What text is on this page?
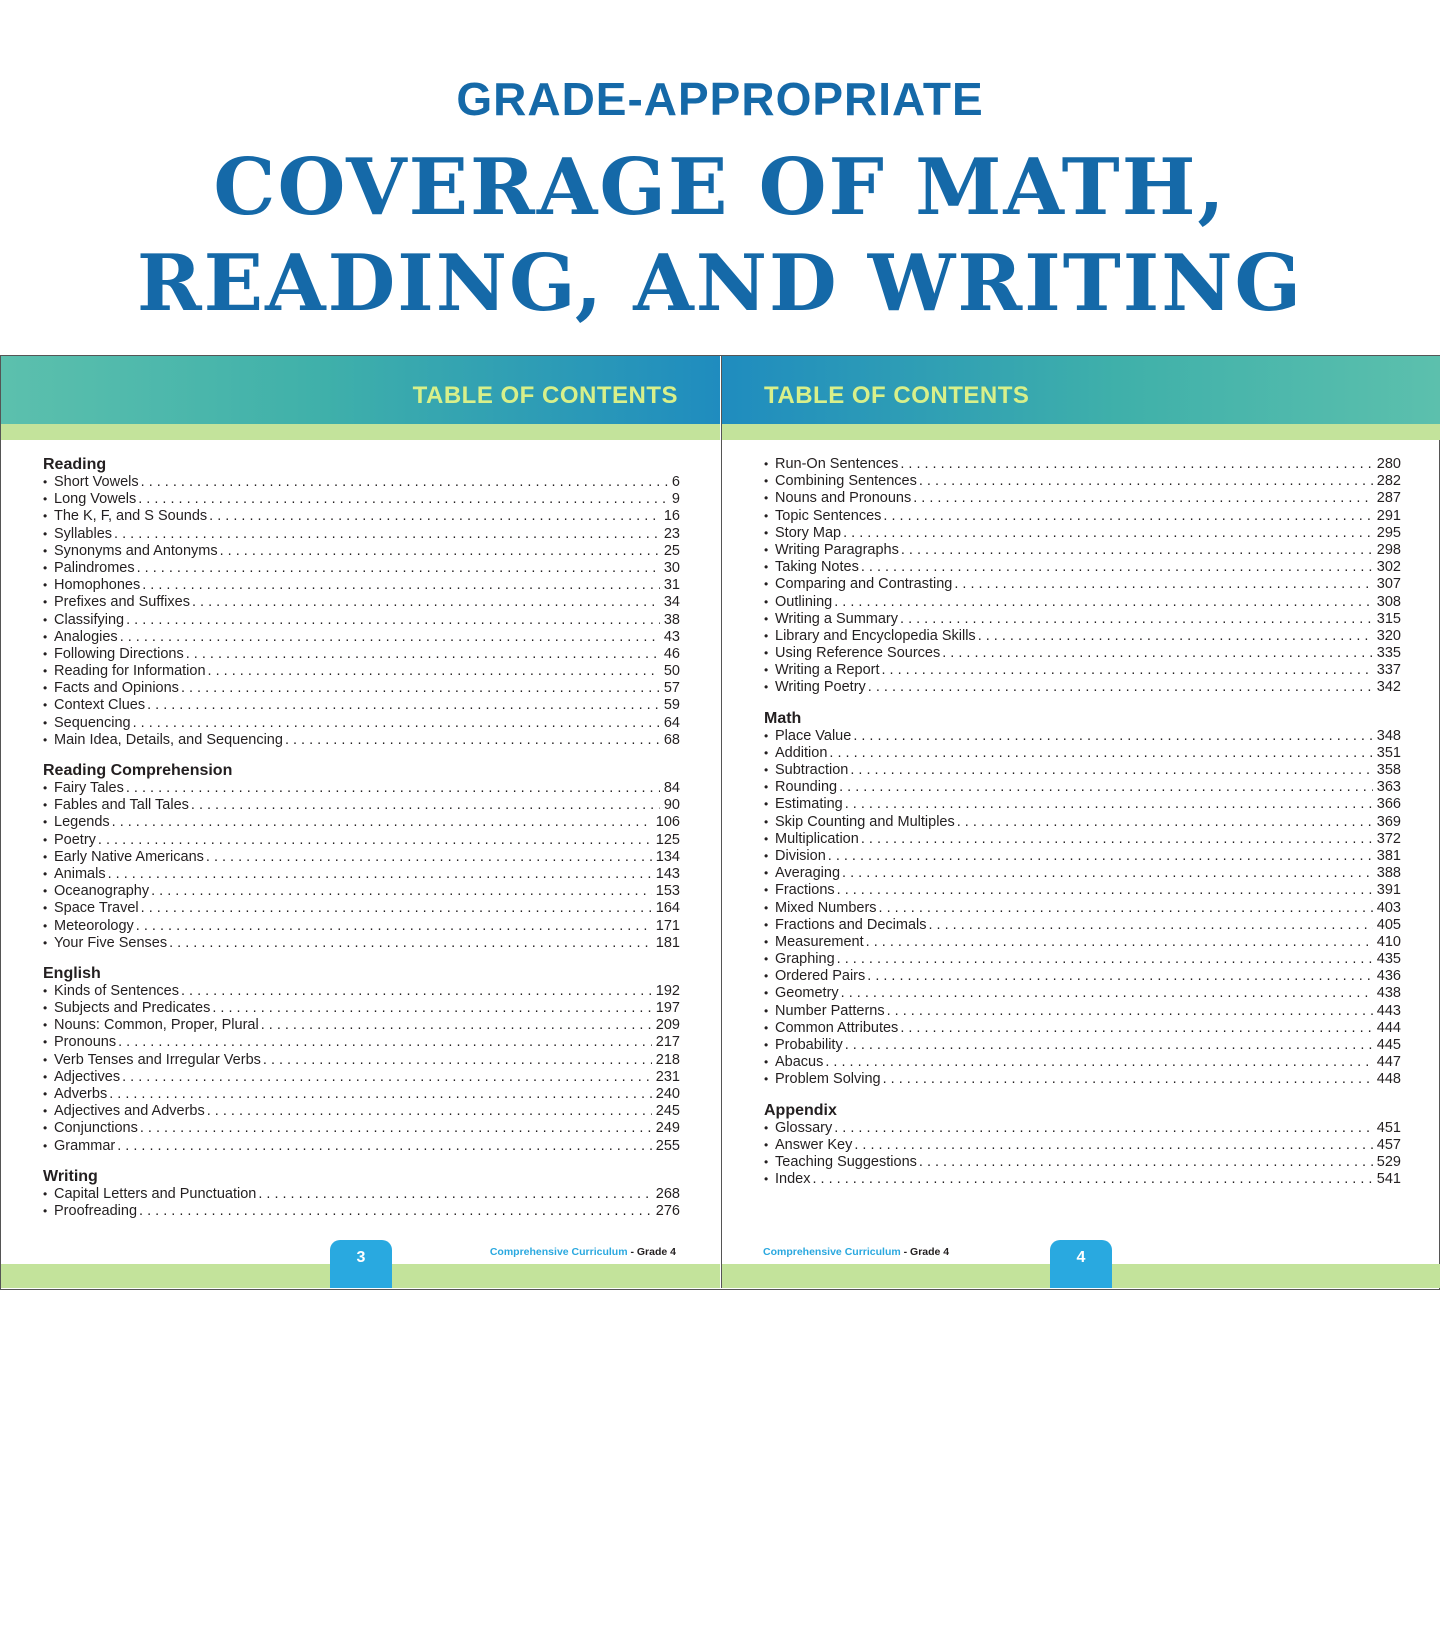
GRADE-APPROPRIATE
COVERAGE OF MATH,
READING, AND WRITING
TABLE OF CONTENTS
Reading
• Short Vowels . . .	6
• Long Vowels . . .	9
• The K, F, and S Sounds . . .	16
• Syllables . . .	23
• Synonyms and Antonyms . . .	25
• Palindromes . . .	30
• Homophones . . .	31
• Prefixes and Suffixes . . .	34
• Classifying . . .	38
• Analogies . . .	43
• Following Directions . . .	46
• Reading for Information . . .	50
• Facts and Opinions . . .	57
• Context Clues . . .	59
• Sequencing . . .	64
• Main Idea, Details, and Sequencing . . .	68
Reading Comprehension
• Fairy Tales . . .	84
• Fables and Tall Tales . . .	90
• Legends . . .	106
• Poetry . . .	125
• Early Native Americans . . .	134
• Animals . . .	143
• Oceanography . . .	153
• Space Travel . . .	164
• Meteorology . . .	171
• Your Five Senses . . .	181
English
• Kinds of Sentences . . .	192
• Subjects and Predicates . . .	197
• Nouns: Common, Proper, Plural . . .	209
• Pronouns . . .	217
• Verb Tenses and Irregular Verbs . . .	218
• Adjectives . . .	231
• Adverbs . . .	240
• Adjectives and Adverbs . . .	245
• Conjunctions . . .	249
• Grammar . . .	255
Writing
• Capital Letters and Punctuation . . .	268
• Proofreading . . .	276
3	Comprehensive Curriculum - Grade 4
TABLE OF CONTENTS
• Run-On Sentences . . .	280
• Combining Sentences . . .	282
• Nouns and Pronouns . . .	287
• Topic Sentences . . .	291
• Story Map . . .	295
• Writing Paragraphs . . .	298
• Taking Notes . . .	302
• Comparing and Contrasting . . .	307
• Outlining . . .	308
• Writing a Summary . . .	315
• Library and Encyclopedia Skills . . .	320
• Using Reference Sources . . .	335
• Writing a Report . . .	337
• Writing Poetry . . .	342
Math
• Place Value . . .	348
• Addition . . .	351
• Subtraction . . .	358
• Rounding . . .	363
• Estimating . . .	366
• Skip Counting and Multiples . . .	369
• Multiplication . . .	372
• Division . . .	381
• Averaging . . .	388
• Fractions . . .	391
• Mixed Numbers . . .	403
• Fractions and Decimals . . .	405
• Measurement . . .	410
• Graphing . . .	435
• Ordered Pairs . . .	436
• Geometry . . .	438
• Number Patterns . . .	443
• Common Attributes . . .	444
• Probability . . .	445
• Abacus . . .	447
• Problem Solving . . .	448
Appendix
• Glossary . . .	451
• Answer Key . . .	457
• Teaching Suggestions . . .	529
• Index . . .	541
4
Comprehensive Curriculum - Grade 4
